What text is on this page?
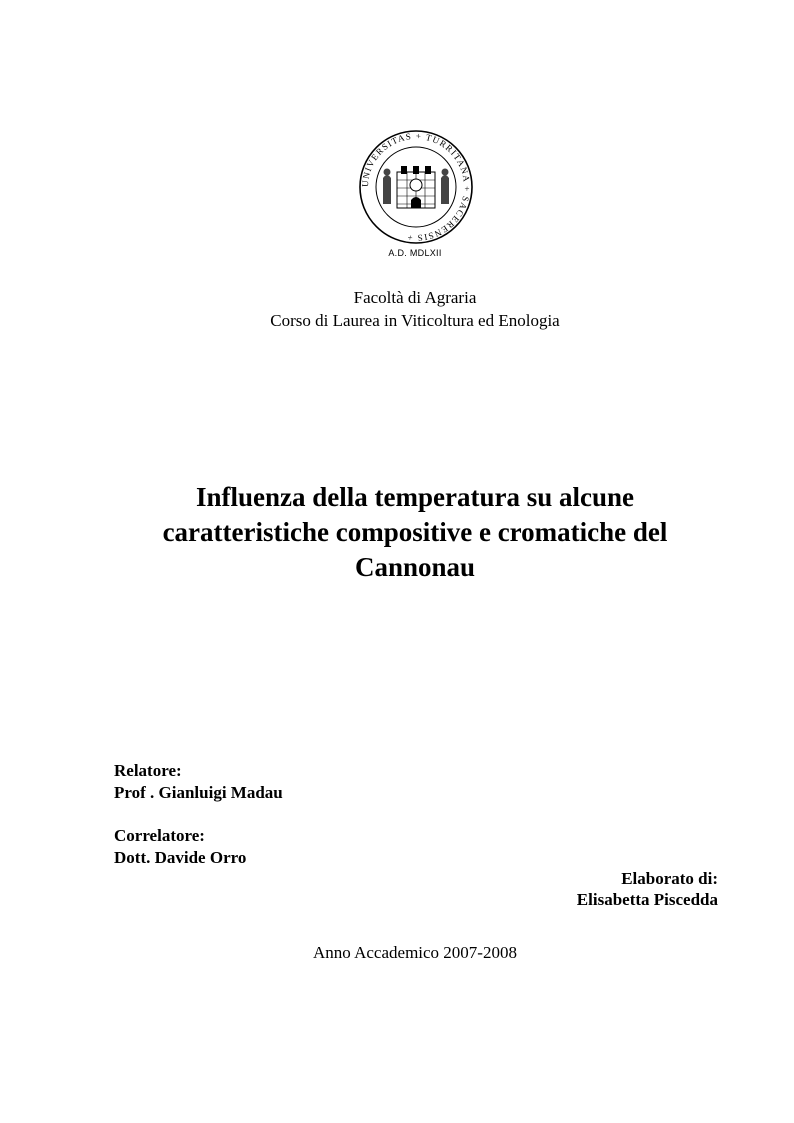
UNIVERSITAS + TURRITANA + SACERENSIS +
A.D. MDLXII
Facoltà di Agraria
Corso di Laurea in Viticoltura ed Enologia
Influenza della temperatura su alcune caratteristiche compositive e cromatiche del Cannonau
Relatore:
Prof . Gianluigi Madau
Correlatore:
Dott. Davide Orro
Elaborato di:
Elisabetta Piscedda
Anno Accademico 2007-2008
